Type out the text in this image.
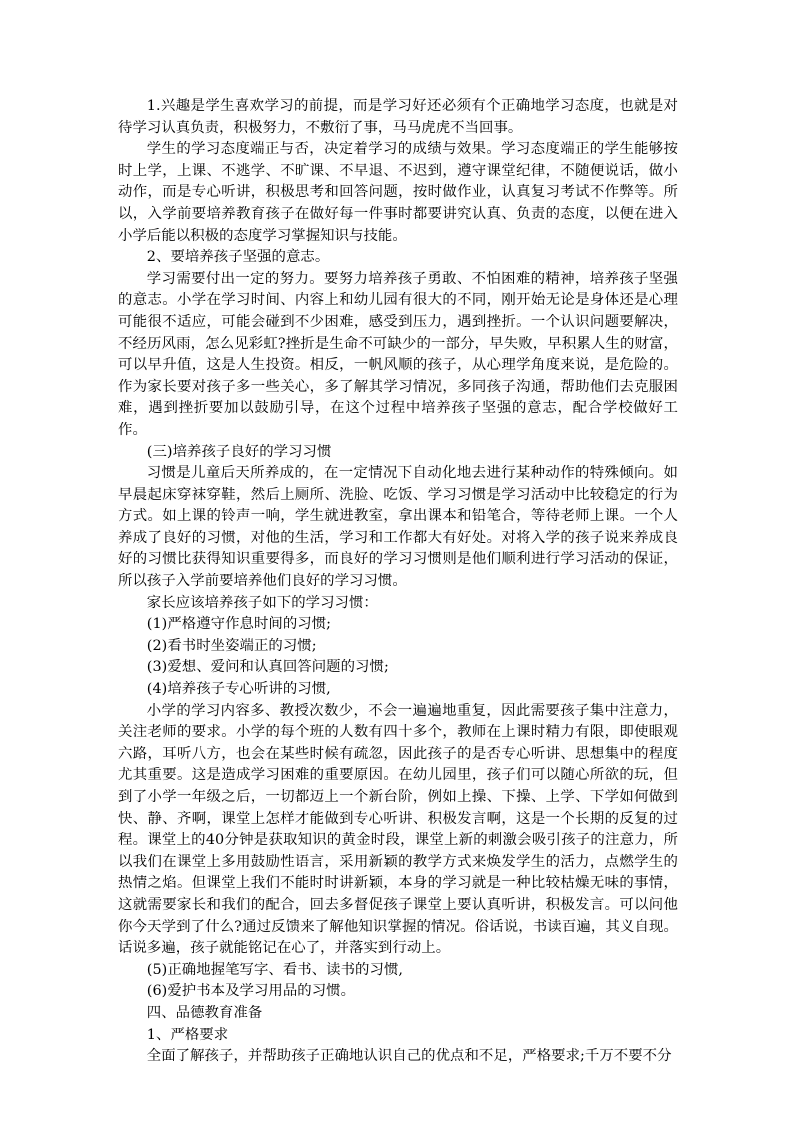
1.兴趣是学生喜欢学习的前提，而是学习好还必须有个正确地学习态度，也就是对待学习认真负责，积极努力，不敷衍了事，马马虎虎不当回事。

学生的学习态度端正与否，决定着学习的成绩与效果。学习态度端正的学生能够按时上学，上课、不逃学、不旷课、不早退、不迟到，遵守课堂纪律，不随便说话，做小动作，而是专心听讲，积极思考和回答问题，按时做作业，认真复习考试不作弊等。所以，入学前要培养教育孩子在做好每一件事时都要讲究认真、负责的态度，以便在进入小学后能以积极的态度学习掌握知识与技能。

2、要培养孩子坚强的意志。

学习需要付出一定的努力。要努力培养孩子勇敢、不怕困难的精神，培养孩子坚强的意志。小学在学习时间、内容上和幼儿园有很大的不同，刚开始无论是身体还是心理可能很不适应，可能会碰到不少困难，感受到压力，遇到挫折。一个认识问题要解决，不经历风雨，怎么见彩虹?挫折是生命不可缺少的一部分，早失败，早积累人生的财富，可以早升值，这是人生投资。相反，一帆风顺的孩子，从心理学角度来说，是危险的。作为家长要对孩子多一些关心，多了解其学习情况，多同孩子沟通，帮助他们去克服困难，遇到挫折要加以鼓励引导，在这个过程中培养孩子坚强的意志，配合学校做好工作。

(三)培养孩子良好的学习习惯

习惯是儿童后天所养成的，在一定情况下自动化地去进行某种动作的特殊倾向。如早晨起床穿袜穿鞋，然后上厕所、洗脸、吃饭、学习习惯是学习活动中比较稳定的行为方式。如上课的铃声一响，学生就进教室，拿出课本和铅笔合，等待老师上课。一个人养成了良好的习惯，对他的生活，学习和工作都大有好处。对将入学的孩子说来养成良好的习惯比获得知识重要得多，而良好的学习习惯则是他们顺利进行学习活动的保证，所以孩子入学前要培养他们良好的学习习惯。

家长应该培养孩子如下的学习习惯：

(1)严格遵守作息时间的习惯;

(2)看书时坐姿端正的习惯;

(3)爱想、爱问和认真回答问题的习惯;

(4)培养孩子专心听讲的习惯,

小学的学习内容多、教授次数少，不会一遍遍地重复，因此需要孩子集中注意力，关注老师的要求。小学的每个班的人数有四十多个，教师在上课时精力有限，即使眼观六路，耳听八方，也会在某些时候有疏忽，因此孩子的是否专心听讲、思想集中的程度尤其重要。这是造成学习困难的重要原因。在幼儿园里，孩子们可以随心所欲的玩，但到了小学一年级之后，一切都迈上一个新台阶，例如上操、下操、上学、下学如何做到快、静、齐啊，课堂上怎样才能做到专心听讲、积极发言啊，这是一个长期的反复的过程。课堂上的40分钟是获取知识的黄金时段，课堂上新的刺激会吸引孩子的注意力，所以我们在课堂上多用鼓励性语言，采用新颖的教学方式来焕发学生的活力，点燃学生的热情之焰。但课堂上我们不能时时讲新颖，本身的学习就是一种比较枯燥无味的事情，这就需要家长和我们的配合，回去多督促孩子课堂上要认真听讲，积极发言。可以问他你今天学到了什么?通过反馈来了解他知识掌握的情况。俗话说，书读百遍，其义自现。话说多遍，孩子就能铭记在心了，并落实到行动上。

(5)正确地握笔写字、看书、读书的习惯,

(6)爱护书本及学习用品的习惯。

四、品德教育准备

1、严格要求

全面了解孩子，并帮助孩子正确地认识自己的优点和不足，严格要求;千万不要不分
